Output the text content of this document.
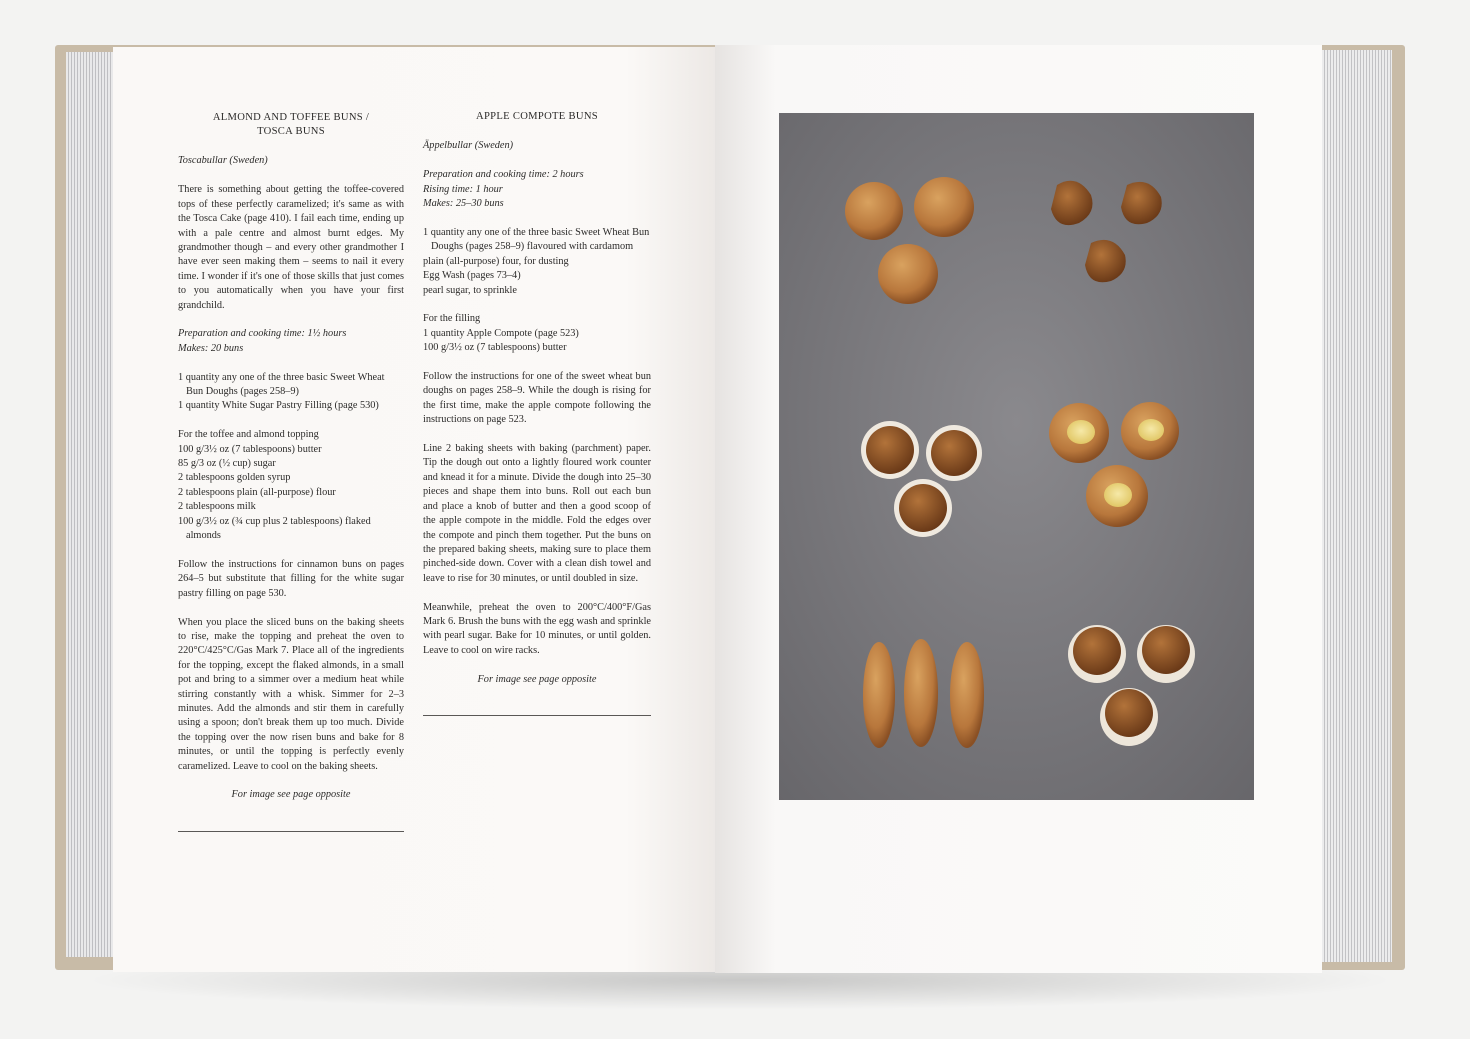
ALMOND AND TOFFEE BUNS / TOSCA BUNS
Toscabullar (Sweden)
There is something about getting the toffee-covered tops of these perfectly caramelized; it's same as with the Tosca Cake (page 410). I fail each time, ending up with a pale centre and almost burnt edges. My grandmother though – and every other grandmother I have ever seen making them – seems to nail it every time. I wonder if it's one of those skills that just comes to you automatically when you have your first grandchild.
Preparation and cooking time: 1½ hours
Makes: 20 buns
1 quantity any one of the three basic Sweet Wheat Bun Doughs (pages 258–9)
1 quantity White Sugar Pastry Filling (page 530)
For the toffee and almond topping
100 g/3½ oz (7 tablespoons) butter
85 g/3 oz (½ cup) sugar
2 tablespoons golden syrup
2 tablespoons plain (all-purpose) flour
2 tablespoons milk
100 g/3½ oz (¾ cup plus 2 tablespoons) flaked almonds
Follow the instructions for cinnamon buns on pages 264–5 but substitute that filling for the white sugar pastry filling on page 530.
When you place the sliced buns on the baking sheets to rise, make the topping and preheat the oven to 220°C/425°C/Gas Mark 7. Place all of the ingredients for the topping, except the flaked almonds, in a small pot and bring to a simmer over a medium heat while stirring constantly with a whisk. Simmer for 2–3 minutes. Add the almonds and stir them in carefully using a spoon; don't break them up too much. Divide the topping over the now risen buns and bake for 8 minutes, or until the topping is perfectly evenly caramelized. Leave to cool on the baking sheets.
For image see page opposite
APPLE COMPOTE BUNS
Äppelbullar (Sweden)
Preparation and cooking time: 2 hours
Rising time: 1 hour
Makes: 25–30 buns
1 quantity any one of the three basic Sweet Wheat Bun Doughs (pages 258–9) flavoured with cardamom
plain (all-purpose) four, for dusting
Egg Wash (pages 73–4)
pearl sugar, to sprinkle
For the filling
1 quantity Apple Compote (page 523)
100 g/3½ oz (7 tablespoons) butter
Follow the instructions for one of the sweet wheat bun doughs on pages 258–9. While the dough is rising for the first time, make the apple compote following the instructions on page 523.
Line 2 baking sheets with baking (parchment) paper. Tip the dough out onto a lightly floured work counter and knead it for a minute. Divide the dough into 25–30 pieces and shape them into buns. Roll out each bun and place a knob of butter and then a good scoop of the apple compote in the middle. Fold the edges over the compote and pinch them together. Put the buns on the prepared baking sheets, making sure to place them pinched-side down. Cover with a clean dish towel and leave to rise for 30 minutes, or until doubled in size.
Meanwhile, preheat the oven to 200°C/400°F/Gas Mark 6. Brush the buns with the egg wash and sprinkle with pearl sugar. Bake for 10 minutes, or until golden. Leave to cool on wire racks.
For image see page opposite
